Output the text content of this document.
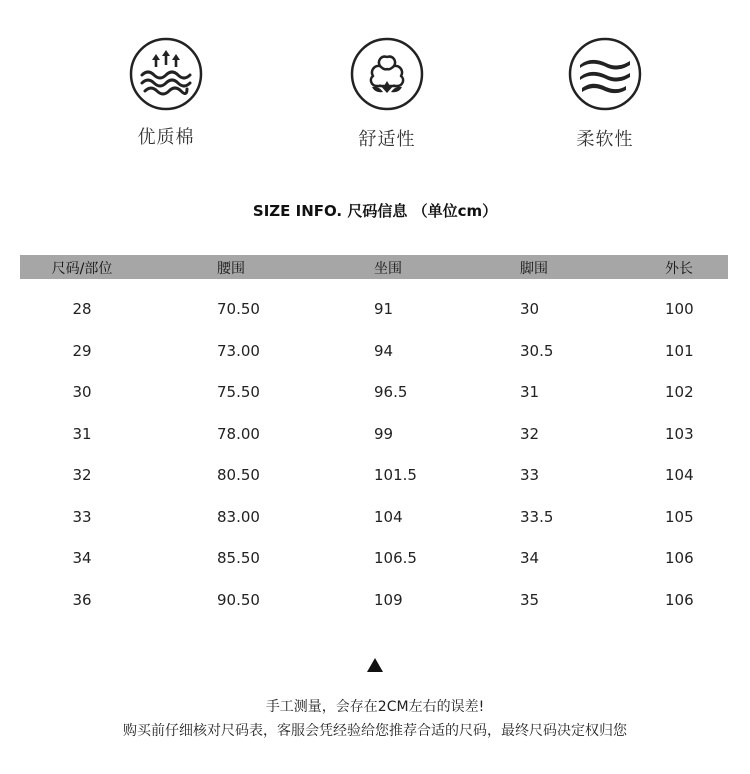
优质棉	舒适性	柔软性
SIZE INFO. 尺码信息 （单位cm）
尺码/部位	腰围	坐围	脚围	外长
28	70.50	91	30	100
29	73.00	94	30.5	101
30	75.50	96.5	31	102
31	78.00	99	32	103
32	80.50	101.5	33	104
33	83.00	104	33.5	105
34	85.50	106.5	34	106
36	90.50	109	35	106
手工测量，会存在2CM左右的误差!
购买前仔细核对尺码表，客服会凭经验给您推荐合适的尺码，最终尺码决定权归您
